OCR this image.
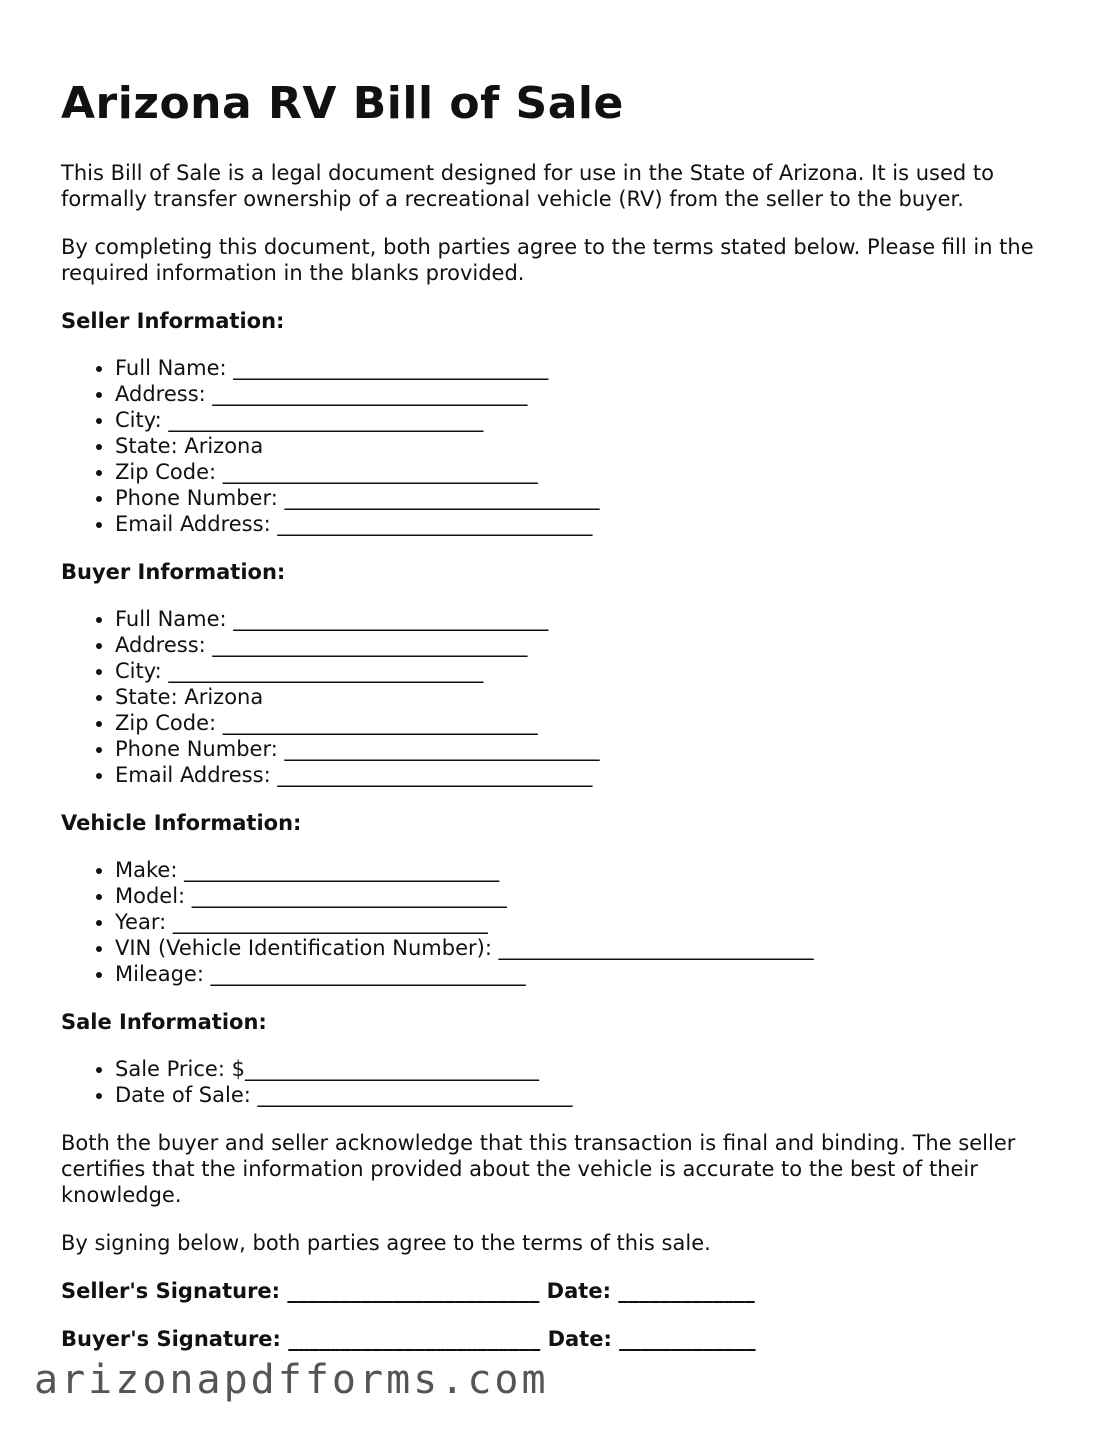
Arizona RV Bill of Sale

This Bill of Sale is a legal document designed for use in the State of Arizona. It is used to formally transfer ownership of a recreational vehicle (RV) from the seller to the buyer.

By completing this document, both parties agree to the terms stated below. Please fill in the required information in the blanks provided.

Seller Information:
• Full Name: ______________________________
• Address: ______________________________
• City: ______________________________
• State: Arizona
• Zip Code: ______________________________
• Phone Number: ______________________________
• Email Address: ______________________________
Buyer Information:
• Full Name: ______________________________
• Address: ______________________________
• City: ______________________________
• State: Arizona
• Zip Code: ______________________________
• Phone Number: ______________________________
• Email Address: ______________________________
Vehicle Information:
• Make: ______________________________
• Model: ______________________________
• Year: ______________________________
• VIN (Vehicle Identification Number): ______________________________
• Mileage: ______________________________
Sale Information:
• Sale Price: $____________________________
• Date of Sale: ______________________________

Both the buyer and seller acknowledge that this transaction is final and binding. The seller certifies that the information provided about the vehicle is accurate to the best of their knowledge.

By signing below, both parties agree to the terms of this sale.

Seller's Signature: ________________________ Date: _____________
Buyer's Signature: ________________________ Date: _____________
arizonapdfforms.com
